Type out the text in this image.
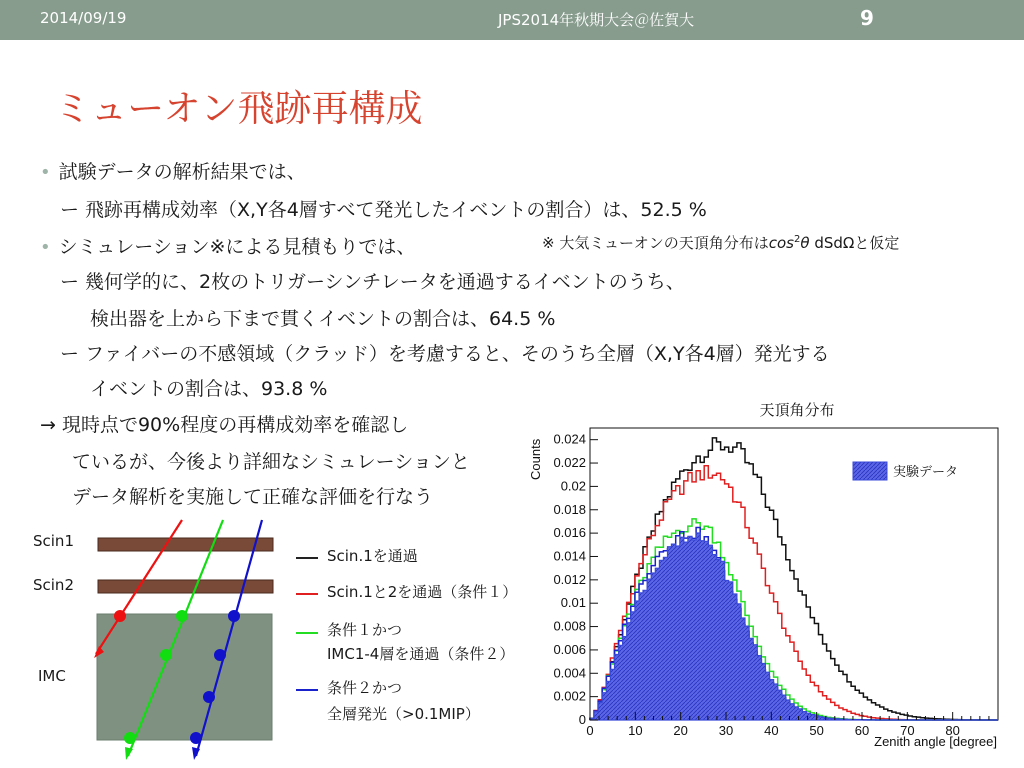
2014/09/19	JPS2014年秋期大会＠佐賀大	9
ミューオン飛跡再構成
• 試験データの解析結果では、
ー 飛跡再構成効率（X,Y各4層すべて発光したイベントの割合）は、52.5 %
• シミュレーション※による見積もりでは、
ー 幾何学的に、2枚のトリガーシンチレータを通過するイベントのうち、
検出器を上から下まで貫くイベントの割合は、64.5 %
ー ファイバーの不感領域（クラッド）を考慮すると、そのうち全層（X,Y各4層）発光する
イベントの割合は、93.8 %
→ 現時点で90%程度の再構成効率を確認し
ているが、今後より詳細なシミュレーションと
データ解析を実施して正確な評価を行なう
※ 大気ミューオンの天頂角分布は$\cos^2\theta$ dSdΩと仮定
Scin1
Scin2
IMC
Scin.1を通過
Scin.1と2を通過（条件１）
条件１かつ
IMC1-4層を通過（条件２）
条件２かつ
全層発光（>0.1MIP）
天頂角分布
Counts
Zenith angle [degree]
0	10 20 30 40 50 60 70 80
0
0.002
0.004
0.006
0.008
0.01
0.012
0.014
0.016
0.018
0.02
0.022
0.024
実験データ
